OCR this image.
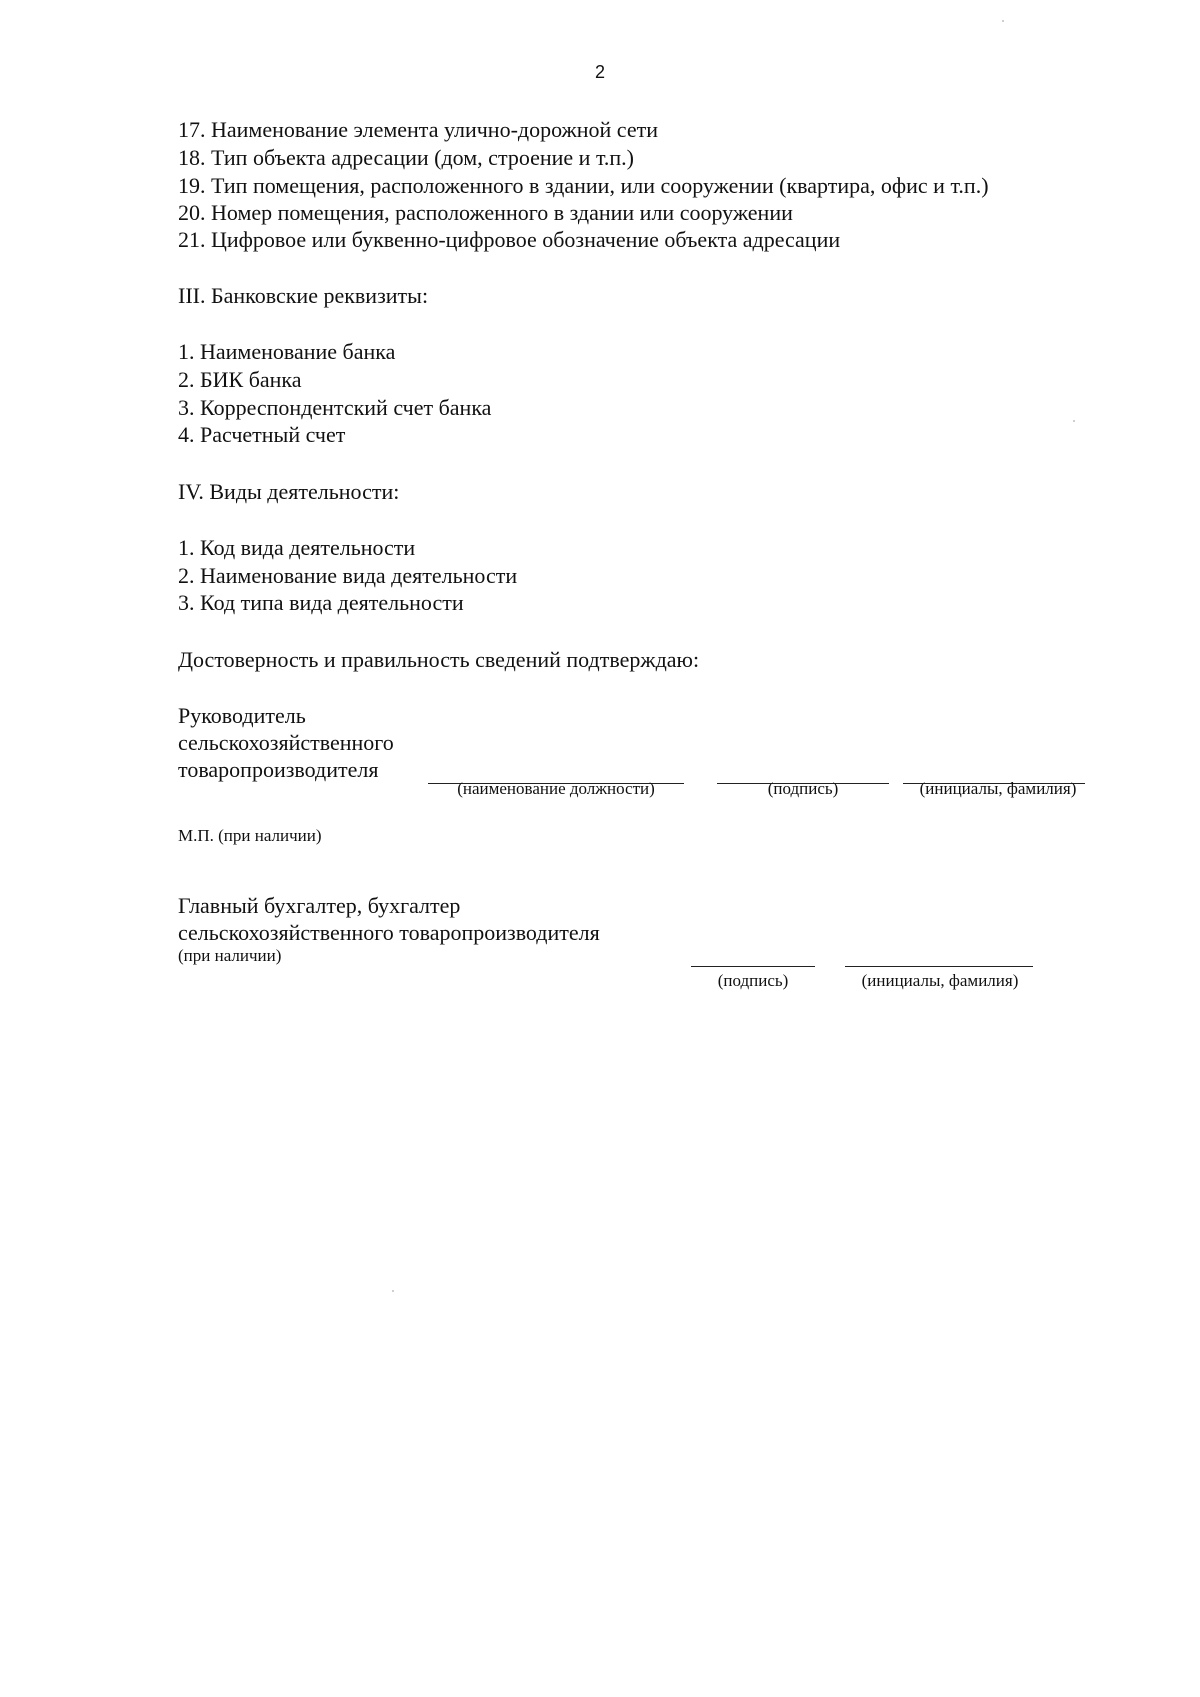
2
17. Наименование элемента улично-дорожной сети
18. Тип объекта адресации (дом, строение и т.п.)
19. Тип помещения, расположенного в здании, или сооружении (квартира, офис и т.п.)
20. Номер помещения, расположенного в здании или сооружении
21. Цифровое или буквенно-цифровое обозначение объекта адресации
III. Банковские реквизиты:
1. Наименование банка
2. БИК банка
3. Корреспондентский счет банка
4. Расчетный счет
IV. Виды деятельности:
1. Код вида деятельности
2. Наименование вида деятельности
3. Код типа вида деятельности
Достоверность и правильность сведений подтверждаю:
Руководитель
сельскохозяйственного
товаропроизводителя
(наименование должности)	(подпись)	(инициалы, фамилия)
М.П. (при наличии)
Главный бухгалтер, бухгалтер
сельскохозяйственного товаропроизводителя
(при наличии)
(подпись)	(инициалы, фамилия)
